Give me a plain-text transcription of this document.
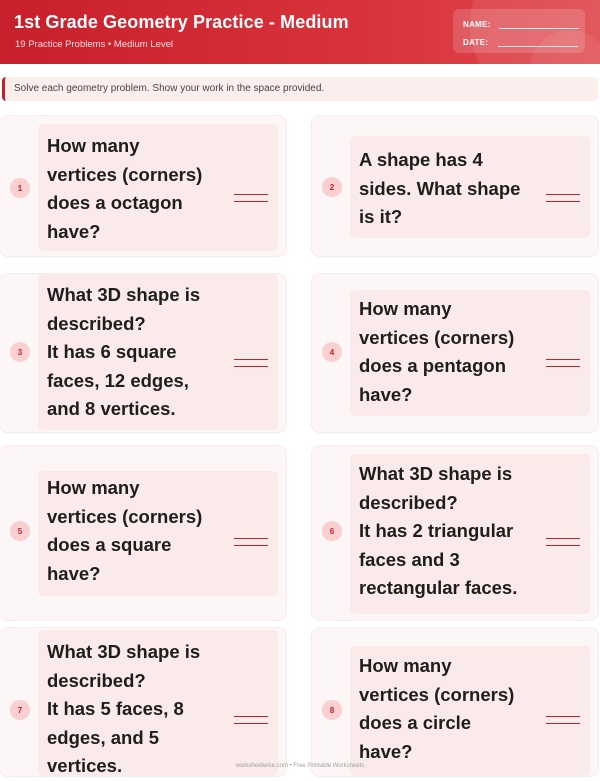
1st Grade Geometry Practice - Medium
19 Practice Problems • Medium Level
NAME:
DATE:
Solve each geometry problem. Show your work in the space provided.
1
How many
vertices (corners)
does a octagon
have?
2
A shape has 4
sides. What shape
is it?
3
What 3D shape is
described?
It has 6 square
faces, 12 edges,
and 8 vertices.
4
How many
vertices (corners)
does a pentagon
have?
5
How many
vertices (corners)
does a square
have?
6
What 3D shape is
described?
It has 2 triangular
faces and 3
rectangular faces.
7
What 3D shape is
described?
It has 5 faces, 8
edges, and 5
vertices.
8
How many
vertices (corners)
does a circle
have?
worksheetwise.com • Free Printable Worksheets
